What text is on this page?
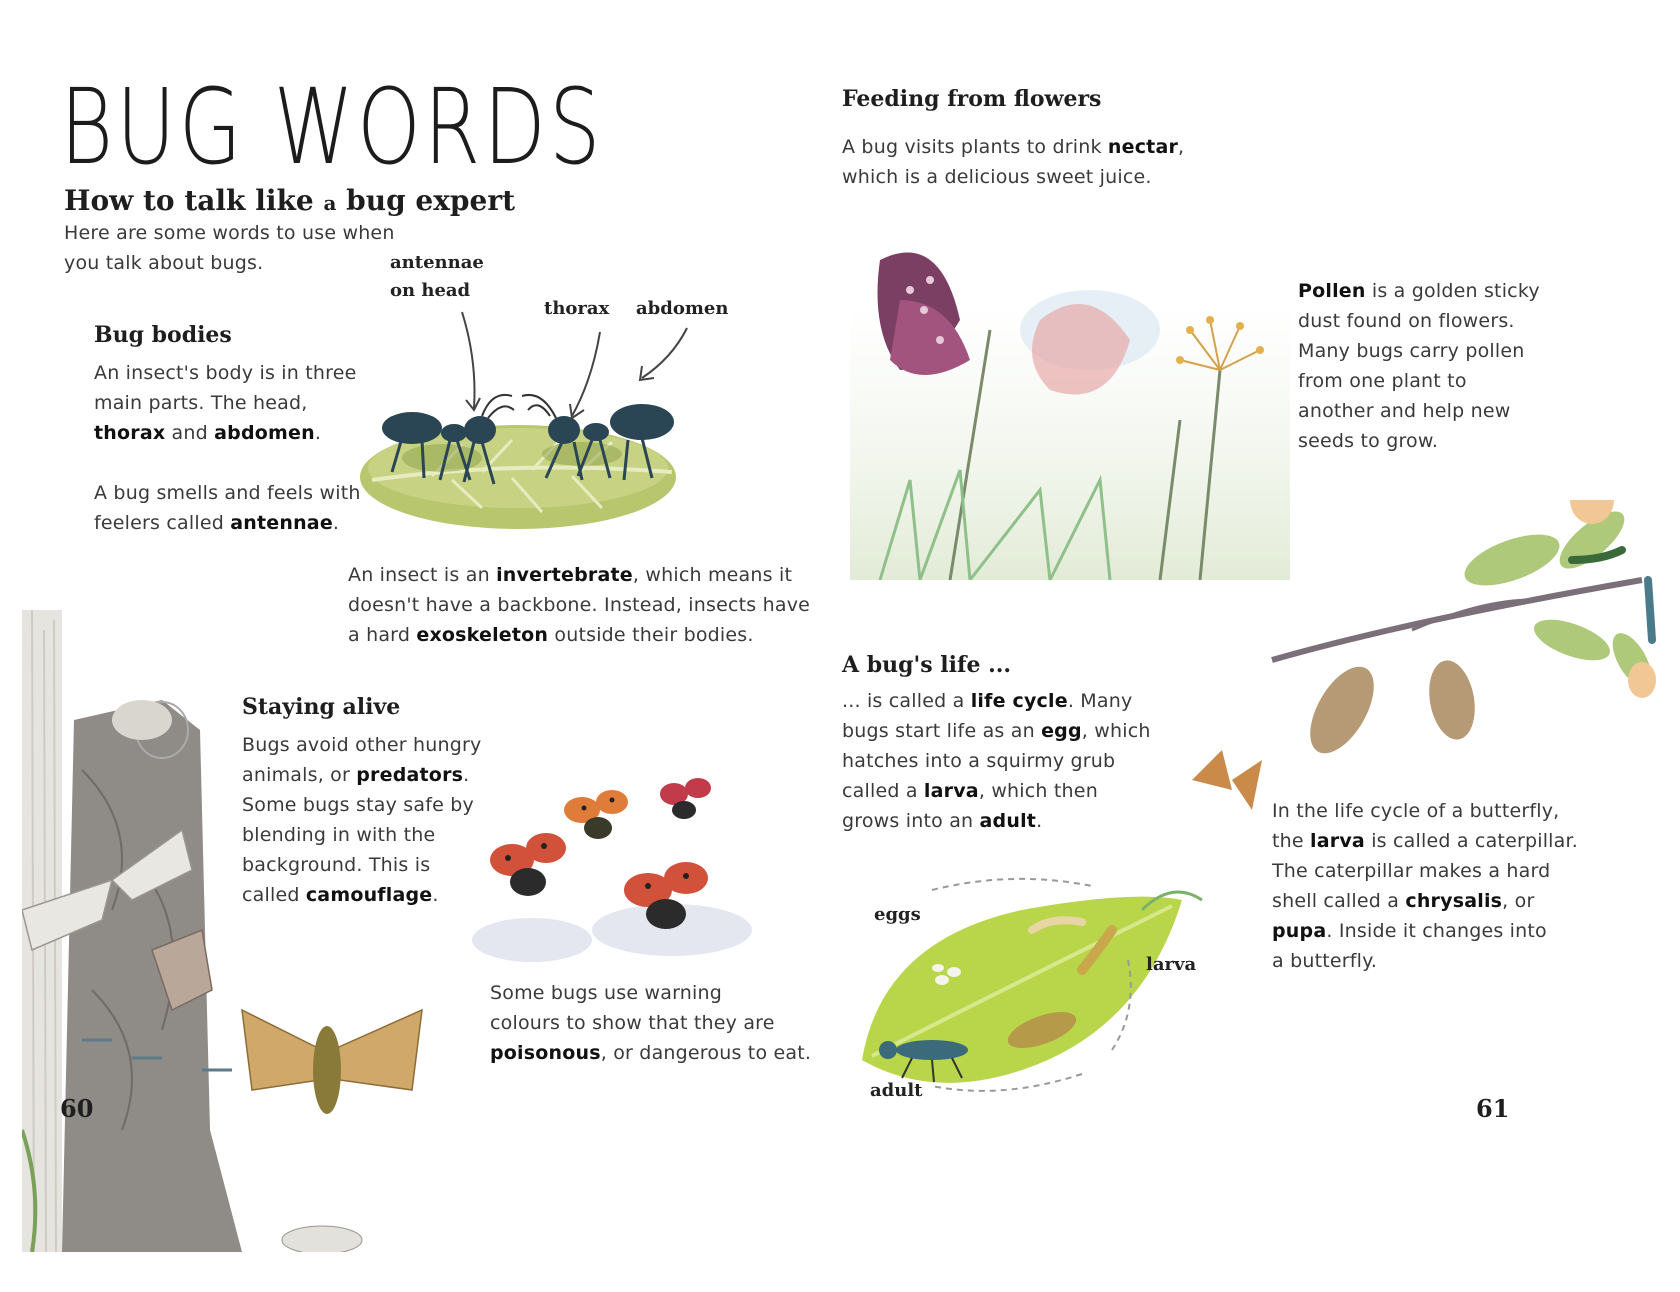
BUG WORDS
How to talk like a bug expert
Here are some words to use when
you talk about bugs.	antennae
on head
thorax abdomen
Bug bodies
An insect's body is in three
main parts. The head,
thorax and abdomen.
A bug smells and feels with
feelers called antennae.
An insect is an invertebrate, which means it
doesn't have a backbone. Instead, insects have
a hard exoskeleton outside their bodies.
Staying alive
Bugs avoid other hungry
animals, or predators.
Some bugs stay safe by
blending in with the
background. This is
called camouflage.
Some bugs use warning
colours to show that they are
poisonous, or dangerous to eat.
60
Feeding from flowers
A bug visits plants to drink nectar,
which is a delicious sweet juice.
Pollen is a golden sticky
dust found on flowers.
Many bugs carry pollen
from one plant to
another and help new
seeds to grow.
A bug's life ...
... is called a life cycle. Many
bugs start life as an egg, which
hatches into a squirmy grub
called a larva, which then
grows into an adult.	In the life cycle of a butterfly,
the larva is called a caterpillar.
The caterpillar makes a hard
shell called a chrysalis, or
pupa. Inside it changes into
a butterfly.
eggs
larva
adult
61
